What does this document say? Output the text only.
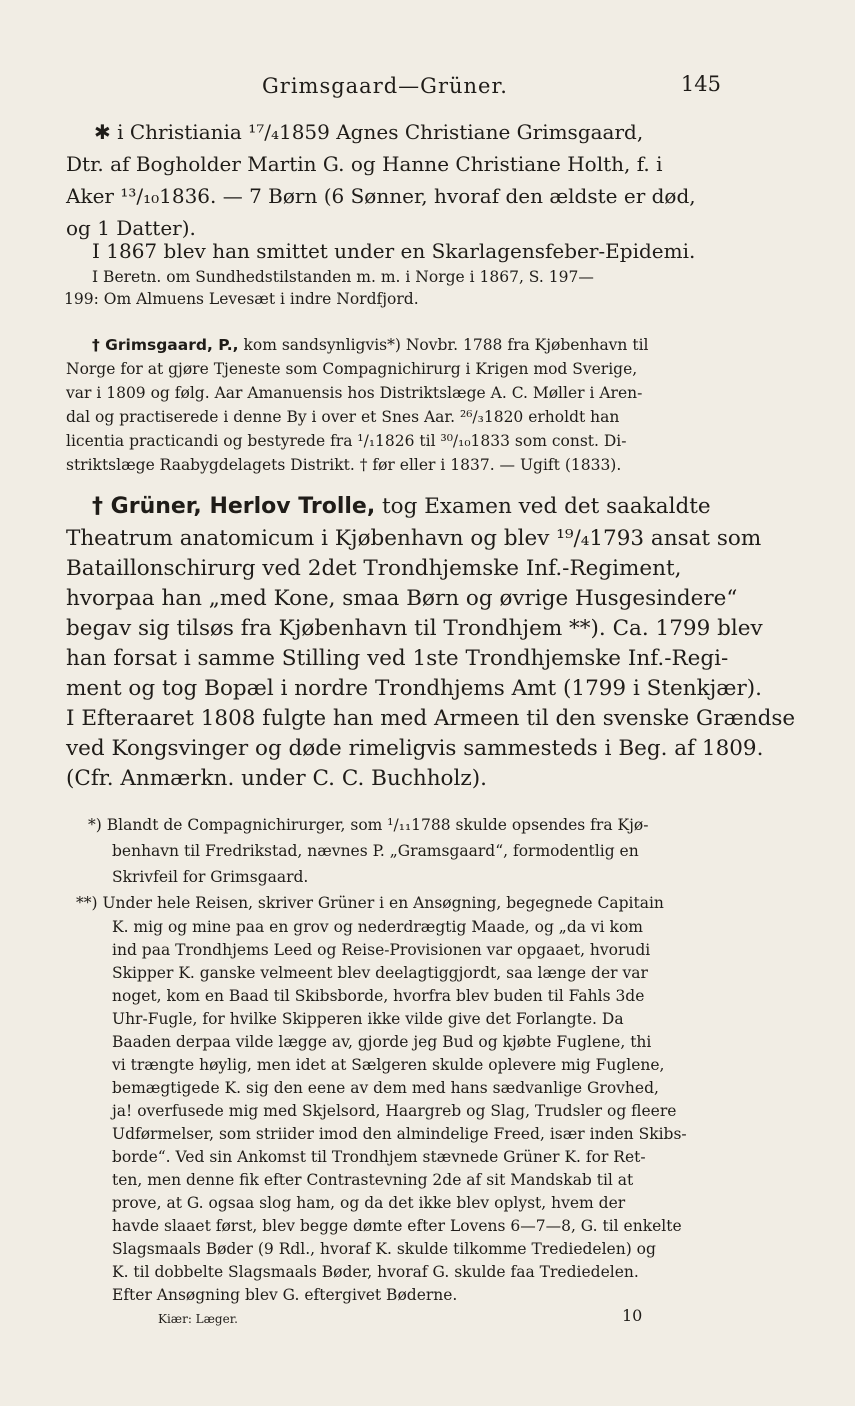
Grimsgaard—Grüner.	145
✱ i Christiania ¹⁷/₄1859 Agnes Christiane Grimsgaard,
Dtr. af Bogholder Martin G. og Hanne Christiane Holth, f. i
Aker ¹³/₁₀1836. — 7 Børn (6 Sønner, hvoraf den ældste er død,
og 1 Datter).
I 1867 blev han smittet under en Skarlagensfeber-Epidemi.
I Beretn. om Sundhedstilstanden m. m. i Norge i 1867, S. 197—
199: Om Almuens Levesæt i indre Nordfjord.
† Grimsgaard, P., kom sandsynligvis*) Novbr. 1788 fra Kjøbenhavn til
Norge for at gjøre Tjeneste som Compagnichirurg i Krigen mod Sverige,
var i 1809 og følg. Aar Amanuensis hos Distriktslæge A. C. Møller i Aren-
dal og practiserede i denne By i over et Snes Aar. ²⁶/₃1820 erholdt han
licentia practicandi og bestyrede fra ¹/₁1826 til ³⁰/₁₀1833 som const. Di-
striktslæge Raabygdelagets Distrikt. † før eller i 1837. — Ugift (1833).
† Grüner, Herlov Trolle, tog Examen ved det saakaldte
Theatrum anatomicum i Kjøbenhavn og blev ¹⁹/₄1793 ansat som
Bataillonschirurg ved 2det Trondhjemske Inf.-Regiment,
hvorpaa han „med Kone, smaa Børn og øvrige Husgesindere“
begav sig tilsøs fra Kjøbenhavn til Trondhjem **). Ca. 1799 blev
han forsat i samme Stilling ved 1ste Trondhjemske Inf.-Regi-
ment og tog Bopæl i nordre Trondhjems Amt (1799 i Stenkjær).
I Efteraaret 1808 fulgte han med Armeen til den svenske Grændse
ved Kongsvinger og døde rimeligvis sammesteds i Beg. af 1809.
(Cfr. Anmærkn. under C. C. Buchholz).
*) Blandt de Compagnichirurger, som ¹/₁₁1788 skulde opsendes fra Kjø-
benhavn til Fredrikstad, nævnes P. „Gramsgaard“, formodentlig en
Skrivfeil for Grimsgaard.
**) Under hele Reisen, skriver Grüner i en Ansøgning, begegnede Capitain
K. mig og mine paa en grov og nederdrægtig Maade, og „da vi kom
ind paa Trondhjems Leed og Reise-Provisionen var opgaaet, hvorudi
Skipper K. ganske velmeent blev deelagtiggjordt, saa længe der var
noget, kom en Baad til Skibsborde, hvorfra blev buden til Fahls 3de
Uhr-Fugle, for hvilke Skipperen ikke vilde give det Forlangte. Da
Baaden derpaa vilde lægge av, gjorde jeg Bud og kjøbte Fuglene, thi
vi trængte høylig, men idet at Sælgeren skulde oplevere mig Fuglene,
bemægtigede K. sig den eene av dem med hans sædvanlige Grovhed,
ja! overfusede mig med Skjelsord, Haargreb og Slag, Trudsler og fleere
Udførmelser, som striider imod den almindelige Freed, især inden Skibs-
borde“. Ved sin Ankomst til Trondhjem stævnede Grüner K. for Ret-
ten, men denne fik efter Contrastevning 2de af sit Mandskab til at
prove, at G. ogsaa slog ham, og da det ikke blev oplyst, hvem der
havde slaaet først, blev begge dømte efter Lovens 6—7—8, G. til enkelte
Slagsmaals Bøder (9 Rdl., hvoraf K. skulde tilkomme Trediedelen) og
Kiær: Læger.	10
K. til dobbelte Slagsmaals Bøder, hvoraf G. skulde faa Trediedelen.
Efter Ansøgning blev G. eftergivet Bøderne.
